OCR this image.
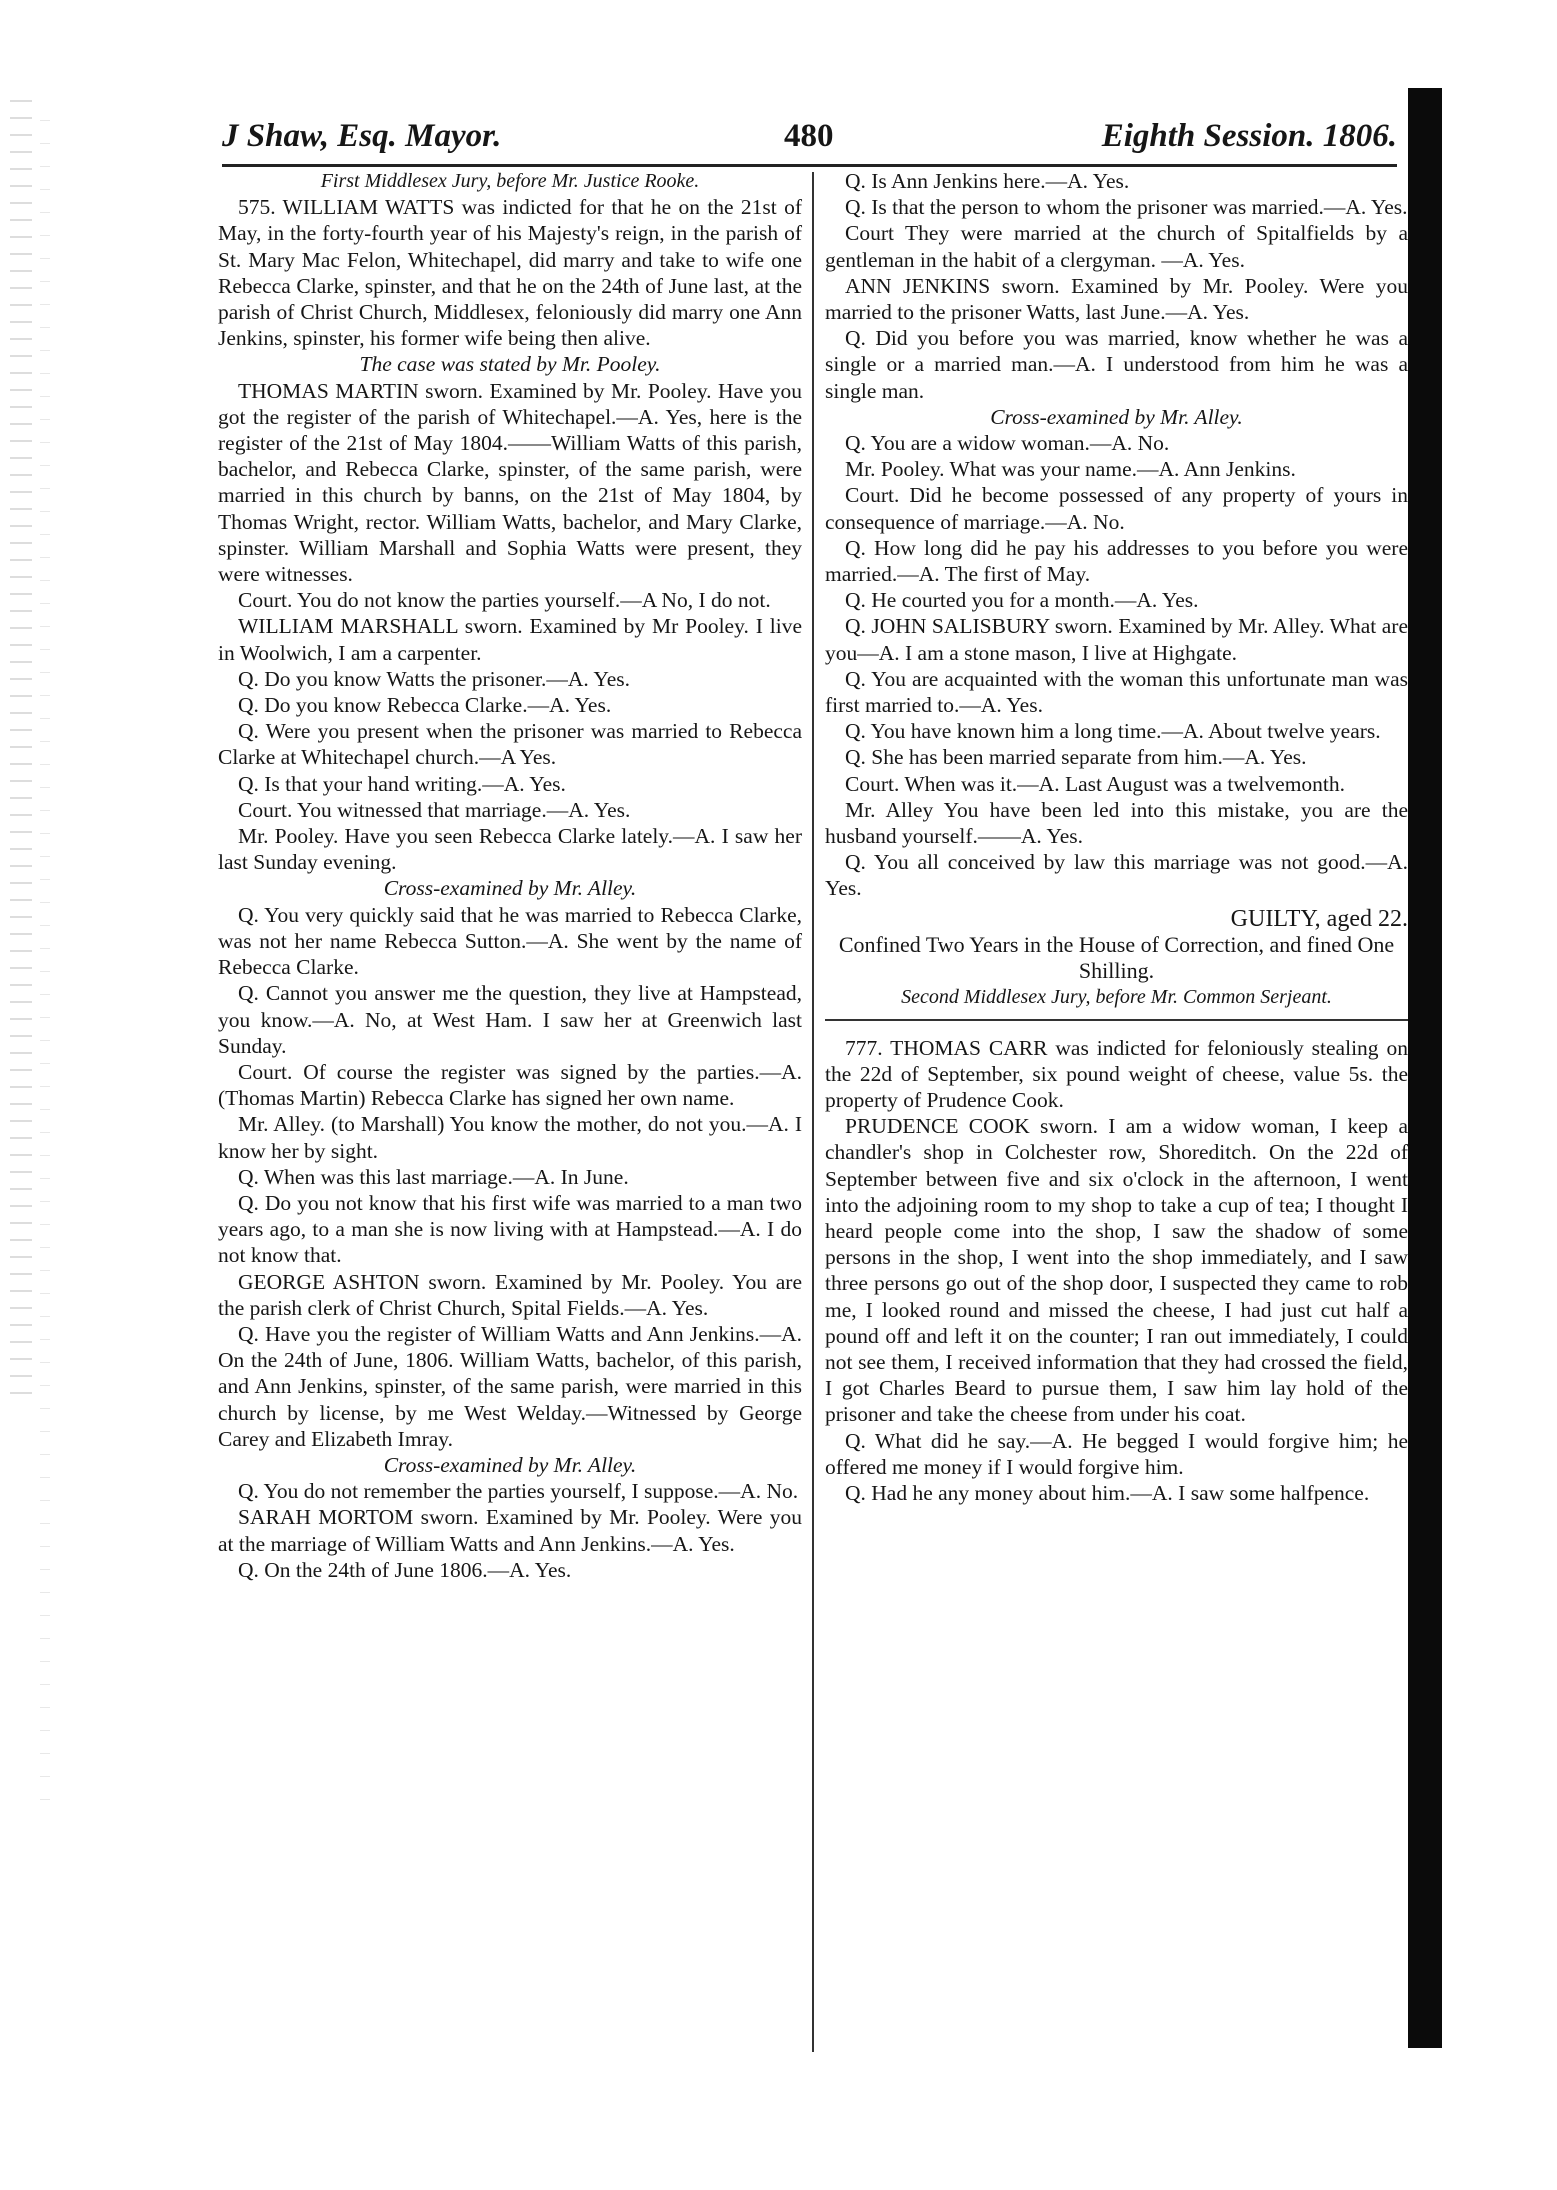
J Shaw, Esq. Mayor.	480	Eighth Session. 1806.

First Middlesex Jury, before Mr. Justice Rooke.

575. WILLIAM WATTS was indicted for that he on the 21st of May, in the forty-fourth year of his Majesty's reign, in the parish of St. Mary Mac Felon, Whitechapel, did marry and take to wife one Rebecca Clarke, spinster, and that he on the 24th of June last, at the parish of Christ Church, Middlesex, feloniously did marry one Ann Jenkins, spinster, his former wife being then alive.

The case was stated by Mr. Pooley.

THOMAS MARTIN sworn. Examined by Mr. Pooley. Have you got the register of the parish of Whitechapel.—A. Yes, here is the register of the 21st of May 1804.——William Watts of this parish, bachelor, and Rebecca Clarke, spinster, of the same parish, were married in this church by banns, on the 21st of May 1804, by Thomas Wright, rector. William Watts, bachelor, and Mary Clarke, spinster. William Marshall and Sophia Watts were present, they were witnesses.

Court. You do not know the parties yourself.—A No, I do not.

WILLIAM MARSHALL sworn. Examined by Mr Pooley. I live in Woolwich, I am a carpenter.

Q. Do you know Watts the prisoner.—A. Yes.

Q. Do you know Rebecca Clarke.—A. Yes.

Q. Were you present when the prisoner was married to Rebecca Clarke at Whitechapel church.—A Yes.

Q. Is that your hand writing.—A. Yes.

Court. You witnessed that marriage.—A. Yes.

Mr. Pooley. Have you seen Rebecca Clarke lately.—A. I saw her last Sunday evening.

Cross-examined by Mr. Alley.

Q. You very quickly said that he was married to Rebecca Clarke, was not her name Rebecca Sutton.—A. She went by the name of Rebecca Clarke.

Q. Cannot you answer me the question, they live at Hampstead, you know.—A. No, at West Ham. I saw her at Greenwich last Sunday.

Court. Of course the register was signed by the parties.—A. (Thomas Martin) Rebecca Clarke has signed her own name.

Mr. Alley. (to Marshall) You know the mother, do not you.—A. I know her by sight.

Q. When was this last marriage.—A. In June.

Q. Do you not know that his first wife was married to a man two years ago, to a man she is now living with at Hampstead.—A. I do not know that.

GEORGE ASHTON sworn. Examined by Mr. Pooley. You are the parish clerk of Christ Church, Spital Fields.—A. Yes.

Q. Have you the register of William Watts and Ann Jenkins.—A. On the 24th of June, 1806. William Watts, bachelor, of this parish, and Ann Jenkins, spinster, of the same parish, were married in this church by license, by me West Welday.—Witnessed by George Carey and Elizabeth Imray.

Cross-examined by Mr. Alley.

Q. You do not remember the parties yourself, I suppose.—A. No.

SARAH MORTOM sworn. Examined by Mr. Pooley. Were you at the marriage of William Watts and Ann Jenkins.—A. Yes.

Q. On the 24th of June 1806.—A. Yes.

Q. Is Ann Jenkins here.—A. Yes.

Q. Is that the person to whom the prisoner was married.—A. Yes.

Court They were married at the church of Spitalfields by a gentleman in the habit of a clergyman. —A. Yes.

ANN JENKINS sworn. Examined by Mr. Pooley. Were you married to the prisoner Watts, last June.—A. Yes.

Q. Did you before you was married, know whether he was a single or a married man.—A. I understood from him he was a single man.

Cross-examined by Mr. Alley.

Q. You are a widow woman.—A. No.

Mr. Pooley. What was your name.—A. Ann Jenkins.

Court. Did he become possessed of any property of yours in consequence of marriage.—A. No.

Q. How long did he pay his addresses to you before you were married.—A. The first of May.

Q. He courted you for a month.—A. Yes.

Q. JOHN SALISBURY sworn. Examined by Mr. Alley. What are you—A. I am a stone mason, I live at Highgate.

Q. You are acquainted with the woman this unfortunate man was first married to.—A. Yes.

Q. You have known him a long time.—A. About twelve years.

Q. She has been married separate from him.—A. Yes.

Court. When was it.—A. Last August was a twelvemonth.

Mr. Alley You have been led into this mistake, you are the husband yourself.——A. Yes.

Q. You all conceived by law this marriage was not good.—A. Yes.

GUILTY, aged 22.

Confined Two Years in the House of Correction, and fined One Shilling.

Second Middlesex Jury, before Mr. Common Serjeant.

777. THOMAS CARR was indicted for feloniously stealing on the 22d of September, six pound weight of cheese, value 5s. the property of Prudence Cook.

PRUDENCE COOK sworn. I am a widow woman, I keep a chandler's shop in Colchester row, Shoreditch. On the 22d of September between five and six o'clock in the afternoon, I went into the adjoining room to my shop to take a cup of tea; I thought I heard people come into the shop, I saw the shadow of some persons in the shop, I went into the shop immediately, and I saw three persons go out of the shop door, I suspected they came to rob me, I looked round and missed the cheese, I had just cut half a pound off and left it on the counter; I ran out immediately, I could not see them, I received information that they had crossed the field, I got Charles Beard to pursue them, I saw him lay hold of the prisoner and take the cheese from under his coat.

Q. What did he say.—A. He begged I would forgive him; he offered me money if I would forgive him.

Q. Had he any money about him.—A. I saw some halfpence.
